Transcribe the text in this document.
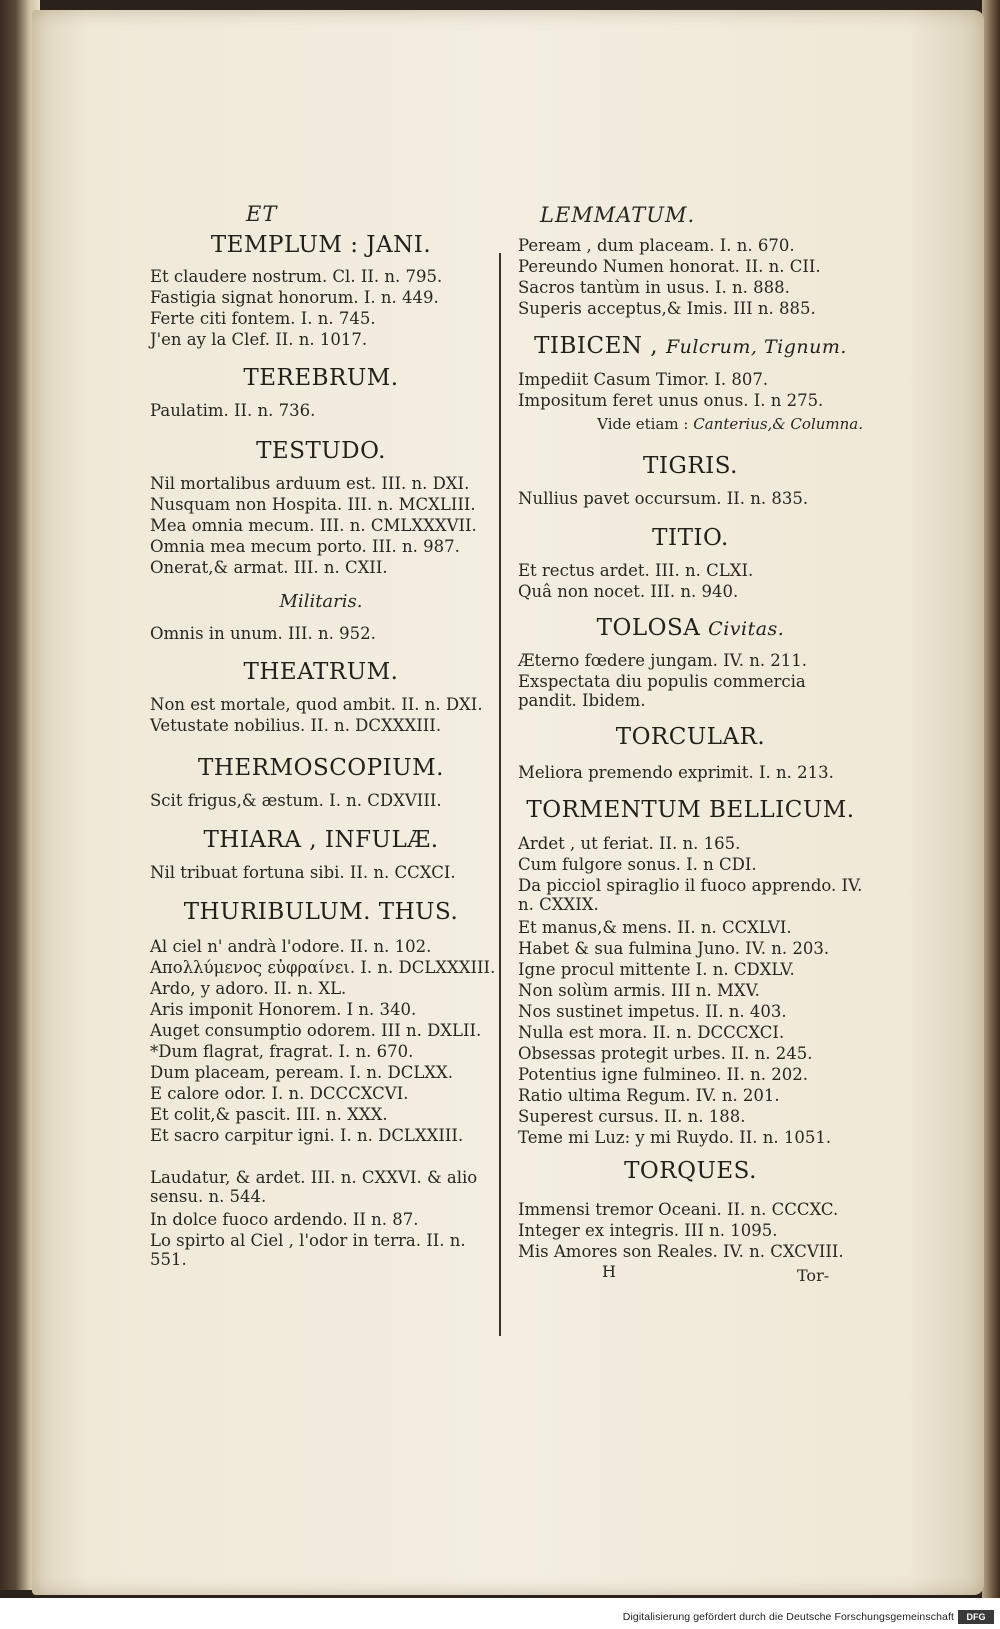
ET	LEMMATUM.
TEMPLUM : JANI.
Et claudere nostrum. Cl. II. n. 795.
Fastigia signat honorum. I. n. 449.
Ferte citi fontem. I. n. 745.
J'en ay la Clef. II. n. 1017.
TEREBRUM.
Paulatim. II. n. 736.
TESTUDO.
Nil mortalibus arduum est. III. n. DXI.
Nusquam non Hospita. III. n. MCXLIII.
Mea omnia mecum. III. n. CMLXXXVII.
Omnia mea mecum porto. III. n. 987.
Onerat,& armat. III. n. CXII.
Militaris.
Omnis in unum. III. n. 952.
THEATRUM.
Non est mortale, quod ambit. II. n. DXI.
Vetustate nobilius. II. n. DCXXXIII.
THERMOSCOPIUM.
Scit frigus,& æstum. I. n. CDXVIII.
THIARA , INFULÆ.
Nil tribuat fortuna sibi. II. n. CCXCI.
THURIBULUM. THUS.
Al ciel n' andrà l'odore. II. n. 102.
Απολλύμενος εὐφραίνει. I. n. DCLXXXIII.
Ardo, y adoro. II. n. XL.
Aris imponit Honorem. I n. 340.
Auget consumptio odorem. III n. DXLII.
*Dum flagrat, fragrat. I. n. 670.
Dum placeam, peream. I. n. DCLXX.
E calore odor. I. n. DCCCXCVI.
Et colit,& pascit. III. n. XXX.
Et sacro carpitur igni. I. n. DCLXXIII.
Laudatur, & ardet. III. n. CXXVI. & alio sensu. n. 544.
In dolce fuoco ardendo. II n. 87.
Lo spirto al Ciel , l'odor in terra. II. n. 551.
Peream , dum placeam. I. n. 670.
Pereundo Numen honorat. II. n. CII.
Sacros tantùm in usus. I. n. 888.
Superis acceptus,& Imis. III n. 885.
TIBICEN , Fulcrum, Tignum.
Impediit Casum Timor. I. 807.
Impositum feret unus onus. I. n 275.
Vide etiam : Canterius,& Columna.
TIGRIS.
Nullius pavet occursum. II. n. 835.
TITIO.
Et rectus ardet. III. n. CLXI.
Quâ non nocet. III. n. 940.
TOLOSA Civitas.
Æterno fœdere jungam. IV. n. 211.
Exspectata diu populis commercia pandit. Ibidem.
TORCULAR.
Meliora premendo exprimit. I. n. 213.
TORMENTUM BELLICUM.
Ardet , ut feriat. II. n. 165.
Cum fulgore sonus. I. n CDI.
Da picciol spiraglio il fuoco apprendo. IV. n. CXXIX.
Et manus,& mens. II. n. CCXLVI.
Habet & sua fulmina Juno. IV. n. 203.
Igne procul mittente I. n. CDXLV.
Non solùm armis. III n. MXV.
Nos sustinet impetus. II. n. 403.
Nulla est mora. II. n. DCCCXCI.
Obsessas protegit urbes. II. n. 245.
Potentius igne fulmineo. II. n. 202.
Ratio ultima Regum. IV. n. 201.
Superest cursus. II. n. 188.
Teme mi Luz: y mi Ruydo. II. n. 1051.
TORQUES.
Immensi tremor Oceani. II. n. CCCXC.
Integer ex integris. III n. 1095.
Mis Amores son Reales. IV. n. CXCVIII.
H	Tor-
Digitalisierung gefördert durch die Deutsche Forschungsgemeinschaft	DFG
